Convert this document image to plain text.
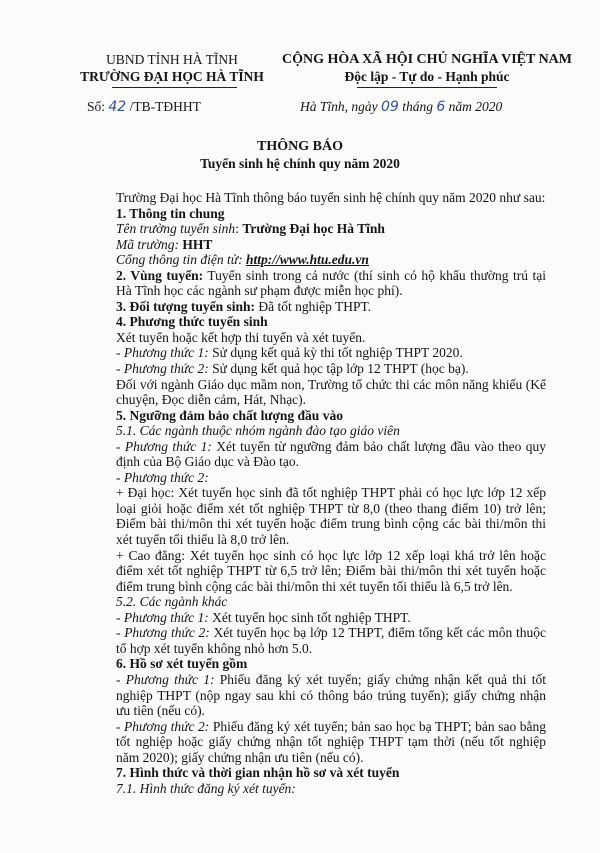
UBND TỈNH HÀ TĨNH
TRƯỜNG ĐẠI HỌC HÀ TĨNH
CỘNG HÒA XÃ HỘI CHỦ NGHĨA VIỆT NAM
Độc lập - Tự do - Hạnh phúc
Số: 42 /TB-TĐHHT	Hà Tĩnh, ngày 09 tháng 6 năm 2020
THÔNG BÁO
Tuyển sinh hệ chính quy năm 2020

Trường Đại học Hà Tĩnh thông báo tuyển sinh hệ chính quy năm 2020 như sau:

1. Thông tin chung

Tên trường tuyển sinh: Trường Đại học Hà Tĩnh

Mã trường: HHT

Cổng thông tin điện tử: http://www.htu.edu.vn

2. Vùng tuyển: Tuyển sinh trong cả nước (thí sinh có hộ khẩu thường trú tại Hà Tĩnh học các ngành sư phạm được miễn học phí).

3. Đối tượng tuyển sinh: Đã tốt nghiệp THPT.

4. Phương thức tuyển sinh

Xét tuyển hoặc kết hợp thi tuyển và xét tuyển.

- Phương thức 1: Sử dụng kết quả kỳ thi tốt nghiệp THPT 2020.

- Phương thức 2: Sử dụng kết quả học tập lớp 12 THPT (học bạ).

Đối với ngành Giáo dục mầm non, Trường tổ chức thi các môn năng khiếu (Kể chuyện, Đọc diễn cảm, Hát, Nhạc).

5. Ngưỡng đảm bảo chất lượng đầu vào

5.1. Các ngành thuộc nhóm ngành đào tạo giáo viên

- Phương thức 1: Xét tuyển từ ngưỡng đảm bảo chất lượng đầu vào theo quy định của Bộ Giáo dục và Đào tạo.

- Phương thức 2:

+ Đại học: Xét tuyển học sinh đã tốt nghiệp THPT phải có học lực lớp 12 xếp loại giỏi hoặc điểm xét tốt nghiệp THPT từ 8,0 (theo thang điểm 10) trở lên; Điểm bài thi/môn thi xét tuyển hoặc điểm trung bình cộng các bài thi/môn thi xét tuyển tối thiểu là 8,0 trở lên.

+ Cao đẳng: Xét tuyển học sinh có học lực lớp 12 xếp loại khá trở lên hoặc điểm xét tốt nghiệp THPT từ 6,5 trở lên; Điểm bài thi/môn thi xét tuyển hoặc điểm trung bình cộng các bài thi/môn thi xét tuyển tối thiểu là 6,5 trở lên.

5.2. Các ngành khác

- Phương thức 1: Xét tuyển học sinh tốt nghiệp THPT.

- Phương thức 2: Xét tuyển học bạ lớp 12 THPT, điểm tổng kết các môn thuộc tổ hợp xét tuyển không nhỏ hơn 5.0.

6. Hồ sơ xét tuyển gồm

- Phương thức 1: Phiếu đăng ký xét tuyển; giấy chứng nhận kết quả thi tốt nghiệp THPT (nộp ngay sau khi có thông báo trúng tuyển); giấy chứng nhận ưu tiên (nếu có).

- Phương thức 2: Phiếu đăng ký xét tuyển; bản sao học bạ THPT; bản sao bằng tốt nghiệp hoặc giấy chứng nhận tốt nghiệp THPT tạm thời (nếu tốt nghiệp năm 2020); giấy chứng nhận ưu tiên (nếu có).

7. Hình thức và thời gian nhận hồ sơ và xét tuyển

7.1. Hình thức đăng ký xét tuyển:
